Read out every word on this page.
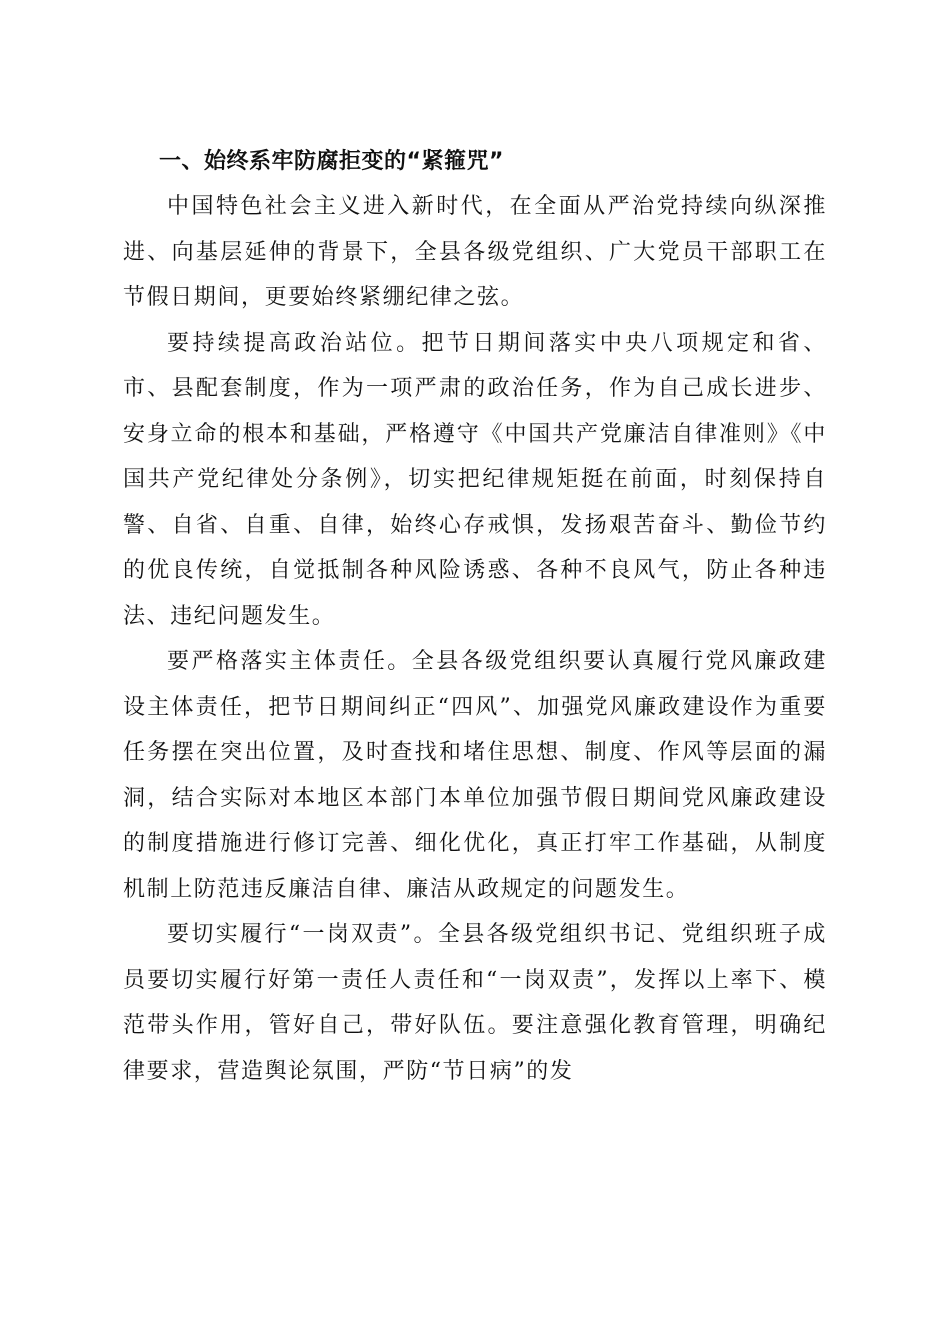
一、始终系牢防腐拒变的“紧箍咒”

中国特色社会主义进入新时代，在全面从严治党持续向纵深推进、向基层延伸的背景下，全县各级党组织、广大党员干部职工在节假日期间，更要始终紧绷纪律之弦。

要持续提高政治站位。把节日期间落实中央八项规定和省、市、县配套制度，作为一项严肃的政治任务，作为自己成长进步、安身立命的根本和基础，严格遵守《中国共产党廉洁自律准则》《中国共产党纪律处分条例》，切实把纪律规矩挺在前面，时刻保持自警、自省、自重、自律，始终心存戒惧，发扬艰苦奋斗、勤俭节约的优良传统，自觉抵制各种风险诱惑、各种不良风气，防止各种违法、违纪问题发生。

要严格落实主体责任。全县各级党组织要认真履行党风廉政建设主体责任，把节日期间纠正“四风”、加强党风廉政建设作为重要任务摆在突出位置，及时查找和堵住思想、制度、作风等层面的漏洞，结合实际对本地区本部门本单位加强节假日期间党风廉政建设的制度措施进行修订完善、细化优化，真正打牢工作基础，从制度机制上防范违反廉洁自律、廉洁从政规定的问题发生。

要切实履行“一岗双责”。全县各级党组织书记、党组织班子成员要切实履行好第一责任人责任和“一岗双责”，发挥以上率下、模范带头作用，管好自己，带好队伍。要注意强化教育管理，明确纪律要求，营造舆论氛围，严防“节日病”的发
